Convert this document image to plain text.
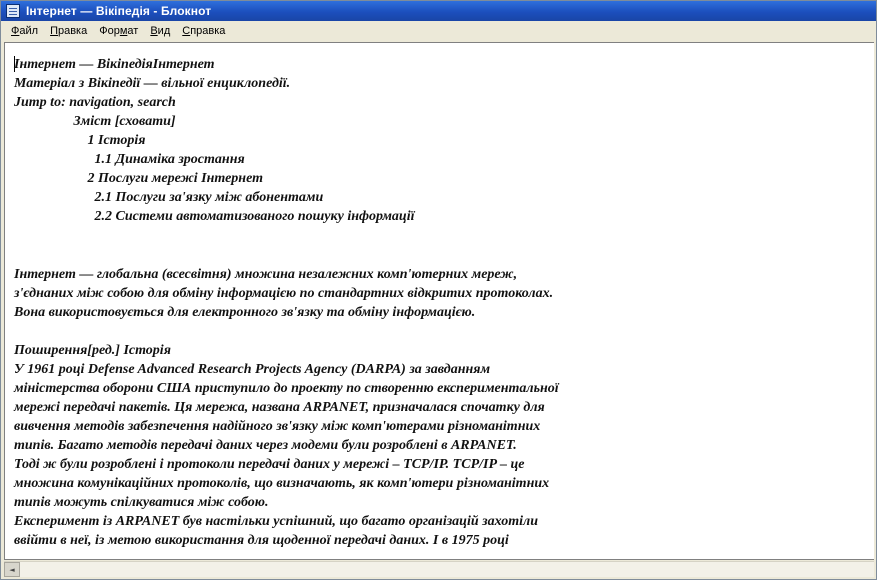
Інтернет — Вікіпедія - Блокнот
Файл	Правка	Формат	Вид	Справка
Інтернет — ВікіпедіяІнтернет
Матеріал з Вікіпедії — вільної енциклопедії.
Jump to: navigation, search
Зміст [сховати]
1 Історія
1.1 Динаміка зростання
2 Послуги мережі Інтернет
2.1 Послуги за'язку між абонентами
2.2 Системи автоматизованого пошуку інформації
Інтернет — глобальна (всесвітня) множина незалежних комп'ютерних мереж,
з'єднаних між собою для обміну інформацією по стандартних відкритих протоколах.
Вона використовується для електронного зв'язку та обміну інформацією.
Поширення[ред.] Історія
У 1961 році Defense Advanced Research Projects Agency (DARPA) за завданням
міністерства оборони США приступило до проекту по створенню експериментальної
мережі передачі пакетів. Ця мережа, названа ARPANET, призначалася спочатку для
вивчення методів забезпечення надійного зв'язку між комп'ютерами різноманітних
типів. Багато методів передачі даних через модеми були розроблені в ARPANET.
Тоді ж були розроблені і протоколи передачі даних у мережі – TCP/IP. TCP/IP – це
множина комунікаційних протоколів, що визначають, як комп'ютери різноманітних
типів можуть спілкуватися між собою.
Експеримент із ARPANET був настільки успішний, що багато організацій захотіли
ввійти в неї, із метою використання для щоденної передачі даних. І в 1975 році
◄
